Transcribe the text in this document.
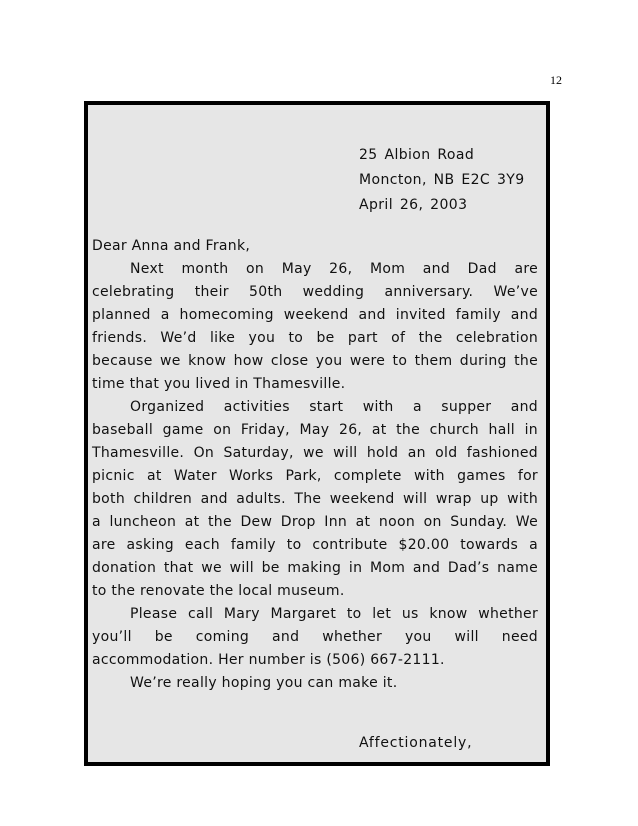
12
25 Albion Road
Moncton, NB E2C 3Y9
April 26, 2003
Dear Anna and Frank,
Next month on May 26, Mom and Dad are
celebrating their 50th wedding anniversary. We’ve
planned a homecoming weekend and invited family and
friends. We’d like you to be part of the celebration
because we know how close you were to them during the
time that you lived in Thamesville.
Organized activities start with a supper and
baseball game on Friday, May 26, at the church hall in
Thamesville. On Saturday, we will hold an old fashioned
picnic at Water Works Park, complete with games for
both children and adults. The weekend will wrap up with
a luncheon at the Dew Drop Inn at noon on Sunday. We
are asking each family to contribute $20.00 towards a
donation that we will be making in Mom and Dad’s name
to the renovate the local museum.
Please call Mary Margaret to let us know whether
you’ll be coming and whether you will need
accommodation. Her number is (506) 667-2111.
We’re really hoping you can make it.
Affectionately,
